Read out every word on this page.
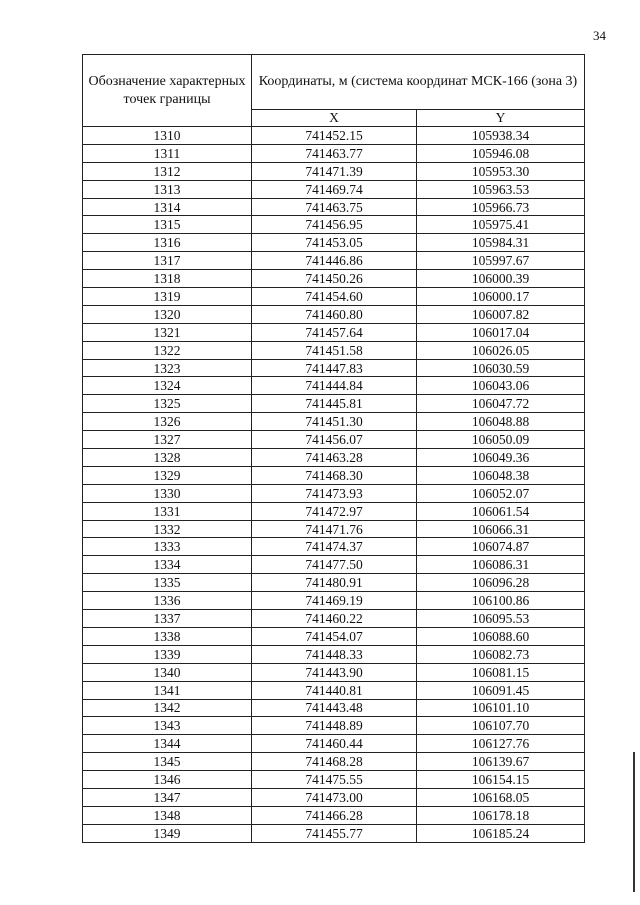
34
Обозначение характерных точек границы	Координаты, м (система координат МСК-166 (зона 3)	
	X	Y
1310	741452.15	105938.34
1311	741463.77	105946.08
1312	741471.39	105953.30
1313	741469.74	105963.53
1314	741463.75	105966.73
1315	741456.95	105975.41
1316	741453.05	105984.31
1317	741446.86	105997.67
1318	741450.26	106000.39
1319	741454.60	106000.17
1320	741460.80	106007.82
1321	741457.64	106017.04
1322	741451.58	106026.05
1323	741447.83	106030.59
1324	741444.84	106043.06
1325	741445.81	106047.72
1326	741451.30	106048.88
1327	741456.07	106050.09
1328	741463.28	106049.36
1329	741468.30	106048.38
1330	741473.93	106052.07
1331	741472.97	106061.54
1332	741471.76	106066.31
1333	741474.37	106074.87
1334	741477.50	106086.31
1335	741480.91	106096.28
1336	741469.19	106100.86
1337	741460.22	106095.53
1338	741454.07	106088.60
1339	741448.33	106082.73
1340	741443.90	106081.15
1341	741440.81	106091.45
1342	741443.48	106101.10
1343	741448.89	106107.70
1344	741460.44	106127.76
1345	741468.28	106139.67
1346	741475.55	106154.15
1347	741473.00	106168.05
1348	741466.28	106178.18
1349	741455.77	106185.24
